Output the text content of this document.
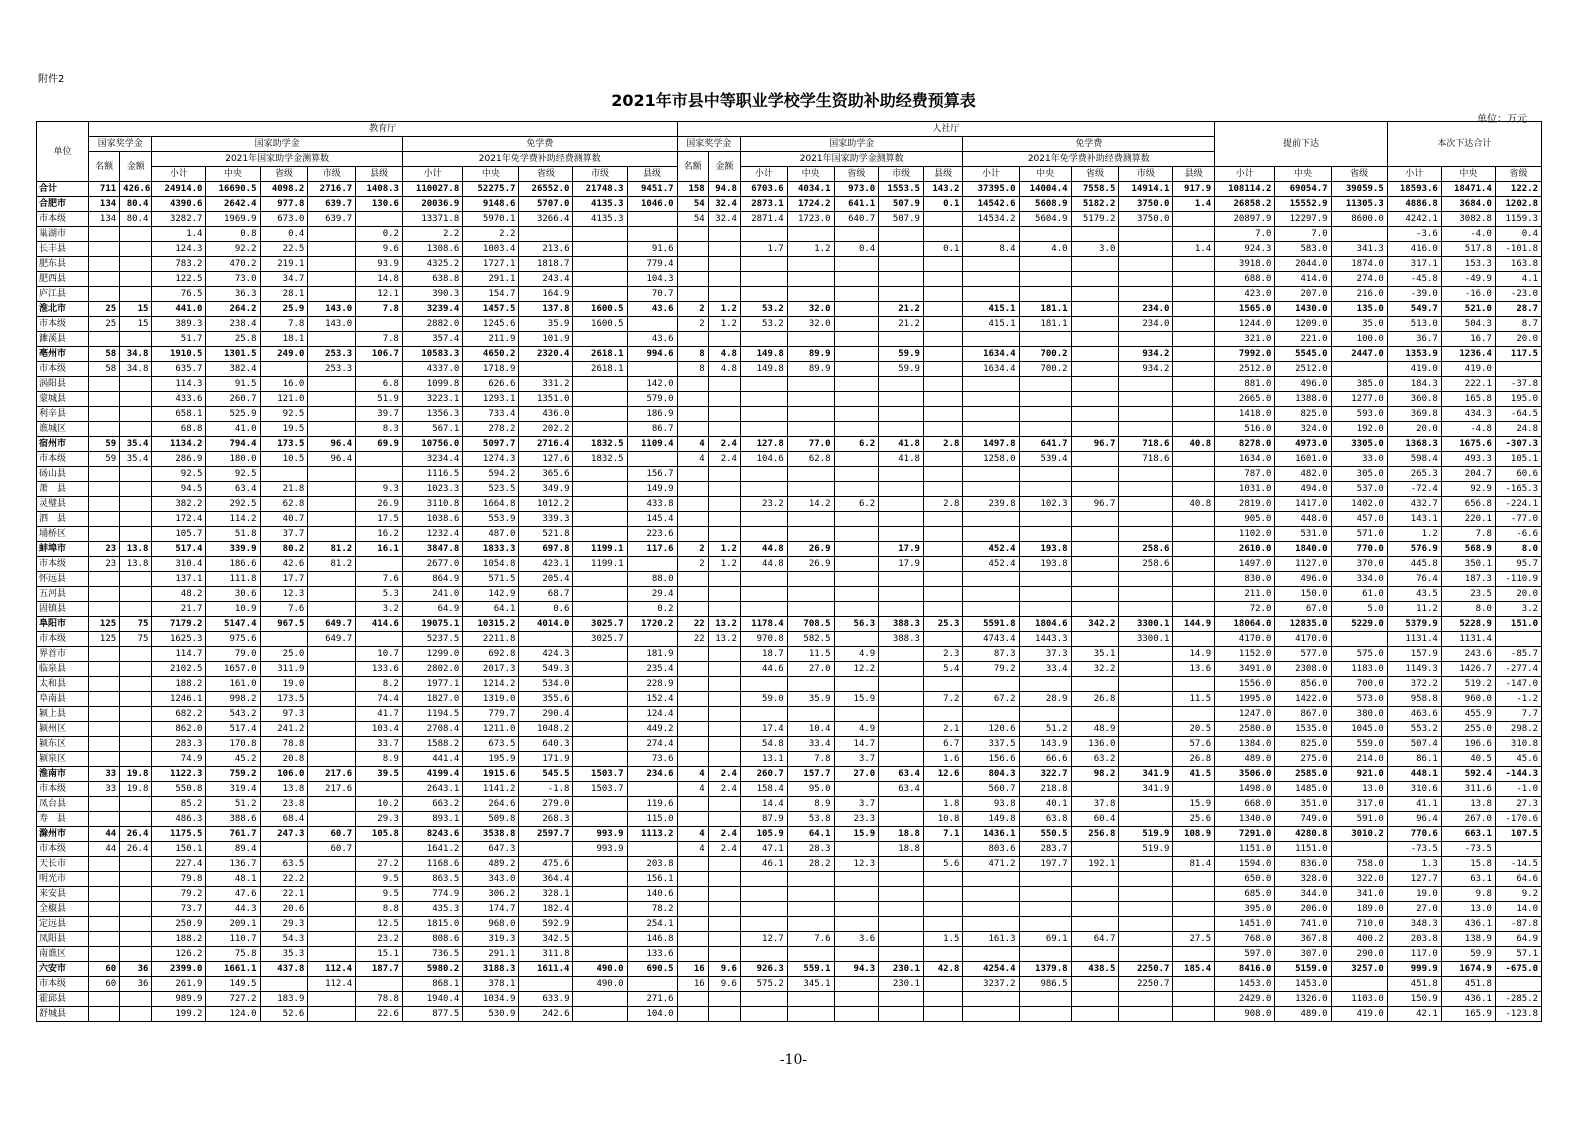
附件2
2021年市县中等职业学校学生资助补助经费预算表
单位：万元
单位	教育厅												人社厅												提前下达			本次下达合计		
	国家奖学金		国家助学金					免学费					国家奖学金		国家助学金					免学费										
	名额	金额	2021年国家助学金测算数					2021年免学费补助经费测算数					名额	金额	2021年国家助学金测算数					2021年免学费补助经费测算数										
			小计	中央	省级	市级	县级	小计	中央	省级	市级	县级			小计	中央	省级	市级	县级	小计	中央	省级	市级	县级	小计	中央	省级	小计	中央	省级
合计	711	426.6	24914.0	16690.5	4098.2	2716.7	1408.3	110027.8	52275.7	26552.0	21748.3	9451.7	158	94.8	6703.6	4034.1	973.0	1553.5	143.2	37395.0	14004.4	7558.5	14914.1	917.9	108114.2	69054.7	39059.5	18593.6	18471.4	122.2
合肥市	134	80.4	4390.6	2642.4	977.8	639.7	130.6	20036.9	9148.6	5707.0	4135.3	1046.0	54	32.4	2873.1	1724.2	641.1	507.9	0.1	14542.6	5608.9	5182.2	3750.0	1.4	26858.2	15552.9	11305.3	4886.8	3684.0	1202.8
市本级	134	80.4	3282.7	1969.9	673.0	639.7		13371.8	5970.1	3266.4	4135.3		54	32.4	2871.4	1723.0	640.7	507.9		14534.2	5604.9	5179.2	3750.0		20897.9	12297.9	8600.0	4242.1	3082.8	1159.3
巢湖市			1.4	0.8	0.4		0.2	2.2	2.2																7.0	7.0		-3.6	-4.0	0.4
长丰县			124.3	92.2	22.5		9.6	1308.6	1003.4	213.6		91.6			1.7	1.2	0.4		0.1	8.4	4.0	3.0		1.4	924.3	583.0	341.3	416.0	517.8	-101.8
肥东县			783.2	470.2	219.1		93.9	4325.2	1727.1	1818.7		779.4													3918.0	2044.0	1874.0	317.1	153.3	163.8
肥西县			122.5	73.0	34.7		14.8	638.8	291.1	243.4		104.3													688.0	414.0	274.0	-45.8	-49.9	4.1
庐江县			76.5	36.3	28.1		12.1	390.3	154.7	164.9		70.7													423.0	207.0	216.0	-39.0	-16.0	-23.0
淮北市	25	15	441.0	264.2	25.9	143.0	7.8	3239.4	1457.5	137.8	1600.5	43.6	2	1.2	53.2	32.0		21.2		415.1	181.1		234.0		1565.0	1430.0	135.0	549.7	521.0	28.7
市本级	25	15	389.3	238.4	7.8	143.0		2882.0	1245.6	35.9	1600.5		2	1.2	53.2	32.0		21.2		415.1	181.1		234.0		1244.0	1209.0	35.0	513.0	504.3	8.7
濉溪县			51.7	25.8	18.1		7.8	357.4	211.9	101.9		43.6													321.0	221.0	100.0	36.7	16.7	20.0
亳州市	58	34.8	1910.5	1301.5	249.0	253.3	106.7	10583.3	4650.2	2320.4	2618.1	994.6	8	4.8	149.8	89.9		59.9		1634.4	700.2		934.2		7992.0	5545.0	2447.0	1353.9	1236.4	117.5
市本级	58	34.8	635.7	382.4		253.3		4337.0	1718.9		2618.1		8	4.8	149.8	89.9		59.9		1634.4	700.2		934.2		2512.0	2512.0		419.0	419.0	
涡阳县			114.3	91.5	16.0		6.8	1099.8	626.6	331.2		142.0													881.0	496.0	385.0	184.3	222.1	-37.8
蒙城县			433.6	260.7	121.0		51.9	3223.1	1293.1	1351.0		579.0													2665.0	1388.0	1277.0	360.8	165.8	195.0
利辛县			658.1	525.9	92.5		39.7	1356.3	733.4	436.0		186.9													1418.0	825.0	593.0	369.8	434.3	-64.5
谯城区			68.8	41.0	19.5		8.3	567.1	278.2	202.2		86.7													516.0	324.0	192.0	20.0	-4.8	24.8
宿州市	59	35.4	1134.2	794.4	173.5	96.4	69.9	10756.0	5097.7	2716.4	1832.5	1109.4	4	2.4	127.8	77.0	6.2	41.8	2.8	1497.8	641.7	96.7	718.6	40.8	8278.0	4973.0	3305.0	1368.3	1675.6	-307.3
市本级	59	35.4	286.9	180.0	10.5	96.4		3234.4	1274.3	127.6	1832.5		4	2.4	104.6	62.8		41.8		1258.0	539.4		718.6		1634.0	1601.0	33.0	598.4	493.3	105.1
砀山县			92.5	92.5				1116.5	594.2	365.6		156.7													787.0	482.0	305.0	265.3	204.7	60.6
萧　县			94.5	63.4	21.8		9.3	1023.3	523.5	349.9		149.9													1031.0	494.0	537.0	-72.4	92.9	-165.3
灵璧县			382.2	292.5	62.8		26.9	3110.8	1664.8	1012.2		433.8			23.2	14.2	6.2		2.8	239.8	102.3	96.7		40.8	2819.0	1417.0	1402.0	432.7	656.8	-224.1
泗　县			172.4	114.2	40.7		17.5	1038.6	553.9	339.3		145.4													905.0	448.0	457.0	143.1	220.1	-77.0
埇桥区			105.7	51.8	37.7		16.2	1232.4	487.0	521.8		223.6													1102.0	531.0	571.0	1.2	7.8	-6.6
蚌埠市	23	13.8	517.4	339.9	80.2	81.2	16.1	3847.8	1833.3	697.8	1199.1	117.6	2	1.2	44.8	26.9		17.9		452.4	193.8		258.6		2610.0	1840.0	770.0	576.9	568.9	8.0
市本级	23	13.8	310.4	186.6	42.6	81.2		2677.0	1054.8	423.1	1199.1		2	1.2	44.8	26.9		17.9		452.4	193.8		258.6		1497.0	1127.0	370.0	445.8	350.1	95.7
怀远县			137.1	111.8	17.7		7.6	864.9	571.5	205.4		88.0													830.0	496.0	334.0	76.4	187.3	-110.9
五河县			48.2	30.6	12.3		5.3	241.0	142.9	68.7		29.4													211.0	150.0	61.0	43.5	23.5	20.0
固镇县			21.7	10.9	7.6		3.2	64.9	64.1	0.6		0.2													72.0	67.0	5.0	11.2	8.0	3.2
阜阳市	125	75	7179.2	5147.4	967.5	649.7	414.6	19075.1	10315.2	4014.0	3025.7	1720.2	22	13.2	1178.4	708.5	56.3	388.3	25.3	5591.8	1804.6	342.2	3300.1	144.9	18064.0	12835.0	5229.0	5379.9	5228.9	151.0
市本级	125	75	1625.3	975.6		649.7		5237.5	2211.8		3025.7		22	13.2	970.8	582.5		388.3		4743.4	1443.3		3300.1		4170.0	4170.0		1131.4	1131.4	
界首市			114.7	79.0	25.0		10.7	1299.0	692.8	424.3		181.9			18.7	11.5	4.9		2.3	87.3	37.3	35.1		14.9	1152.0	577.0	575.0	157.9	243.6	-85.7
临泉县			2102.5	1657.0	311.9		133.6	2802.0	2017.3	549.3		235.4			44.6	27.0	12.2		5.4	79.2	33.4	32.2		13.6	3491.0	2308.0	1183.0	1149.3	1426.7	-277.4
太和县			188.2	161.0	19.0		8.2	1977.1	1214.2	534.0		228.9													1556.0	856.0	700.0	372.2	519.2	-147.0
阜南县			1246.1	998.2	173.5		74.4	1827.0	1319.0	355.6		152.4			59.0	35.9	15.9		7.2	67.2	28.9	26.8		11.5	1995.0	1422.0	573.0	958.8	960.0	-1.2
颍上县			682.2	543.2	97.3		41.7	1194.5	779.7	290.4		124.4													1247.0	867.0	380.0	463.6	455.9	7.7
颍州区			862.0	517.4	241.2		103.4	2708.4	1211.0	1048.2		449.2			17.4	10.4	4.9		2.1	120.6	51.2	48.9		20.5	2580.0	1535.0	1045.0	553.2	255.0	298.2
颍东区			283.3	170.8	78.8		33.7	1588.2	673.5	640.3		274.4			54.8	33.4	14.7		6.7	337.5	143.9	136.0		57.6	1384.0	825.0	559.0	507.4	196.6	310.8
颍泉区			74.9	45.2	20.8		8.9	441.4	195.9	171.9		73.6			13.1	7.8	3.7		1.6	156.6	66.6	63.2		26.8	489.0	275.0	214.0	86.1	40.5	45.6
淮南市	33	19.8	1122.3	759.2	106.0	217.6	39.5	4199.4	1915.6	545.5	1503.7	234.6	4	2.4	260.7	157.7	27.0	63.4	12.6	804.3	322.7	98.2	341.9	41.5	3506.0	2585.0	921.0	448.1	592.4	-144.3
市本级	33	19.8	550.8	319.4	13.8	217.6		2643.1	1141.2	-1.8	1503.7		4	2.4	158.4	95.0		63.4		560.7	218.8		341.9		1498.0	1485.0	13.0	310.6	311.6	-1.0
凤台县			85.2	51.2	23.8		10.2	663.2	264.6	279.0		119.6			14.4	8.9	3.7		1.8	93.8	40.1	37.8		15.9	668.0	351.0	317.0	41.1	13.8	27.3
寿　县			486.3	388.6	68.4		29.3	893.1	509.8	268.3		115.0			87.9	53.8	23.3		10.8	149.8	63.8	60.4		25.6	1340.0	749.0	591.0	96.4	267.0	-170.6
滁州市	44	26.4	1175.5	761.7	247.3	60.7	105.8	8243.6	3538.8	2597.7	993.9	1113.2	4	2.4	105.9	64.1	15.9	18.8	7.1	1436.1	550.5	256.8	519.9	108.9	7291.0	4280.8	3010.2	770.6	663.1	107.5
市本级	44	26.4	150.1	89.4		60.7		1641.2	647.3		993.9		4	2.4	47.1	28.3		18.8		803.6	283.7		519.9		1151.0	1151.0		-73.5	-73.5	
天长市			227.4	136.7	63.5		27.2	1168.6	489.2	475.6		203.8			46.1	28.2	12.3		5.6	471.2	197.7	192.1		81.4	1594.0	836.0	758.0	1.3	15.8	-14.5
明光市			79.8	48.1	22.2		9.5	863.5	343.0	364.4		156.1													650.0	328.0	322.0	127.7	63.1	64.6
来安县			79.2	47.6	22.1		9.5	774.9	306.2	328.1		140.6													685.0	344.0	341.0	19.0	9.8	9.2
全椒县			73.7	44.3	20.6		8.8	435.3	174.7	182.4		78.2													395.0	206.0	189.0	27.0	13.0	14.0
定远县			250.9	209.1	29.3		12.5	1815.0	968.0	592.9		254.1													1451.0	741.0	710.0	348.3	436.1	-87.8
凤阳县			188.2	110.7	54.3		23.2	808.6	319.3	342.5		146.8			12.7	7.6	3.6		1.5	161.3	69.1	64.7		27.5	768.0	367.8	400.2	203.8	138.9	64.9
南谯区			126.2	75.8	35.3		15.1	736.5	291.1	311.8		133.6													597.0	307.0	290.0	117.0	59.9	57.1
六安市	60	36	2399.0	1661.1	437.8	112.4	187.7	5980.2	3188.3	1611.4	490.0	690.5	16	9.6	926.3	559.1	94.3	230.1	42.8	4254.4	1379.8	438.5	2250.7	185.4	8416.0	5159.0	3257.0	999.9	1674.9	-675.0
市本级	60	36	261.9	149.5		112.4		868.1	378.1		490.0		16	9.6	575.2	345.1		230.1		3237.2	986.5		2250.7		1453.0	1453.0		451.8	451.8	
霍邱县			989.9	727.2	183.9		78.8	1940.4	1034.9	633.9		271.6													2429.0	1326.0	1103.0	150.9	436.1	-285.2
舒城县			199.2	124.0	52.6		22.6	877.5	530.9	242.6		104.0													908.0	489.0	419.0	42.1	165.9	-123.8
-10-
